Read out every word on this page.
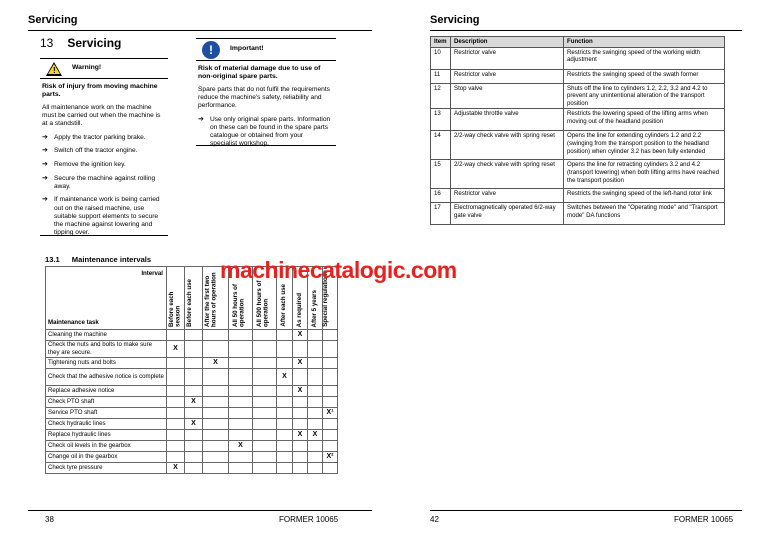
Servicing
13 Servicing
! Warning!
Risk of injury from moving machine parts.
All maintenance work on the machine must be carried out when the machine is at a standstill.
➔ Apply the tractor parking brake.
➔ Switch off the tractor engine.
➔ Remove the ignition key.
➔ Secure the machine against rolling away.
➔ If maintenance work is being carried out on the raised machine, use suitable support elements to secure the machine against lowering and tipping over.
!	Important!
Risk of material damage due to use of non-original spare parts.
Spare parts that do not fulfil the requirements reduce the machine's safety, reliability and performance.
➔ Use only original spare parts. Information on these can be found in the spare parts catalogue or obtained from your specialist workshop.
13.1 Maintenance intervals
Interval
Maintenance task	Before each season	Before each use	After the first two hours of operation	All 50 hours of operation	All 500 hours of operation	After each use	As required	After 5 years	Special regulations

Cleaning the machine							X		
Check the nuts and bolts to make sure they are secure.	X								
Tightening nuts and bolts			X				X		
Check that the adhesive notice is complete						X			
Replace adhesive notice							X		
Check PTO shaft		X							
Service PTO shaft									X¹
Check hydraulic lines		X							
Replace hydraulic lines							X	X	
Check oil levels in the gearbox				X					
Change oil in the gearbox									X²
Check tyre pressure	X								
38	FORMER 10065
machinecatalogic.com
Servicing
Item	Description	Function
10	Restrictor valve	Restricts the swinging speed of the working width adjustment
11	Restrictor valve	Restricts the swinging speed of the swath former
12	Stop valve	Shuts off the line to cylinders 1.2, 2.2, 3.2 and 4.2 to prevent any unintentional alteration of the transport position
13	Adjustable throttle valve	Restricts the lowering speed of the lifting arms when moving out of the headland position
14	2/2-way check valve with spring reset	Opens the line for extending cylinders 1.2 and 2.2 (swinging from the transport position to the headland position) when cylinder 3.2 has been fully extended
15	2/2-way check valve with spring reset	Opens the line for retracting cylinders 3.2 and 4.2 (transport lowering) when both lifting arms have reached the transport position
16	Restrictor valve	Restricts the swinging speed of the left-hand rotor link
17	Electromagnetically operated 6/2-way gate valve	Switches between the "Operating mode" and "Transport mode" DA functions
42	FORMER 10065
